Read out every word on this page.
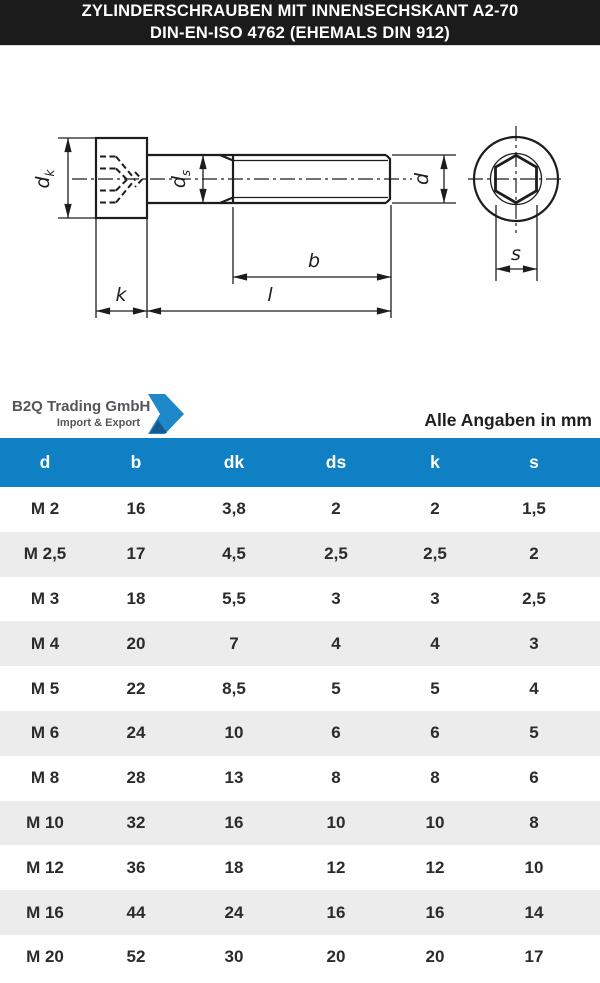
ZYLINDERSCHRAUBEN MIT INNENSECHSKANT A2-70
DIN-EN-ISO 4762 (EHEMALS DIN 912)
$d_k$
$d_s$	d
b
k	l
s
B2Q Trading GmbH
Import & Export	Alle Angaben in mm
d	b	dk	ds	k	s
M 2	16	3,8	2	2	1,5
M 2,5	17	4,5	2,5	2,5	2
M 3	18	5,5	3	3	2,5
M 4	20	7	4	4	3
M 5	22	8,5	5	5	4
M 6	24	10	6	6	5
M 8	28	13	8	8	6
M 10	32	16	10	10	8
M 12	36	18	12	12	10
M 16	44	24	16	16	14
M 20	52	30	20	20	17
